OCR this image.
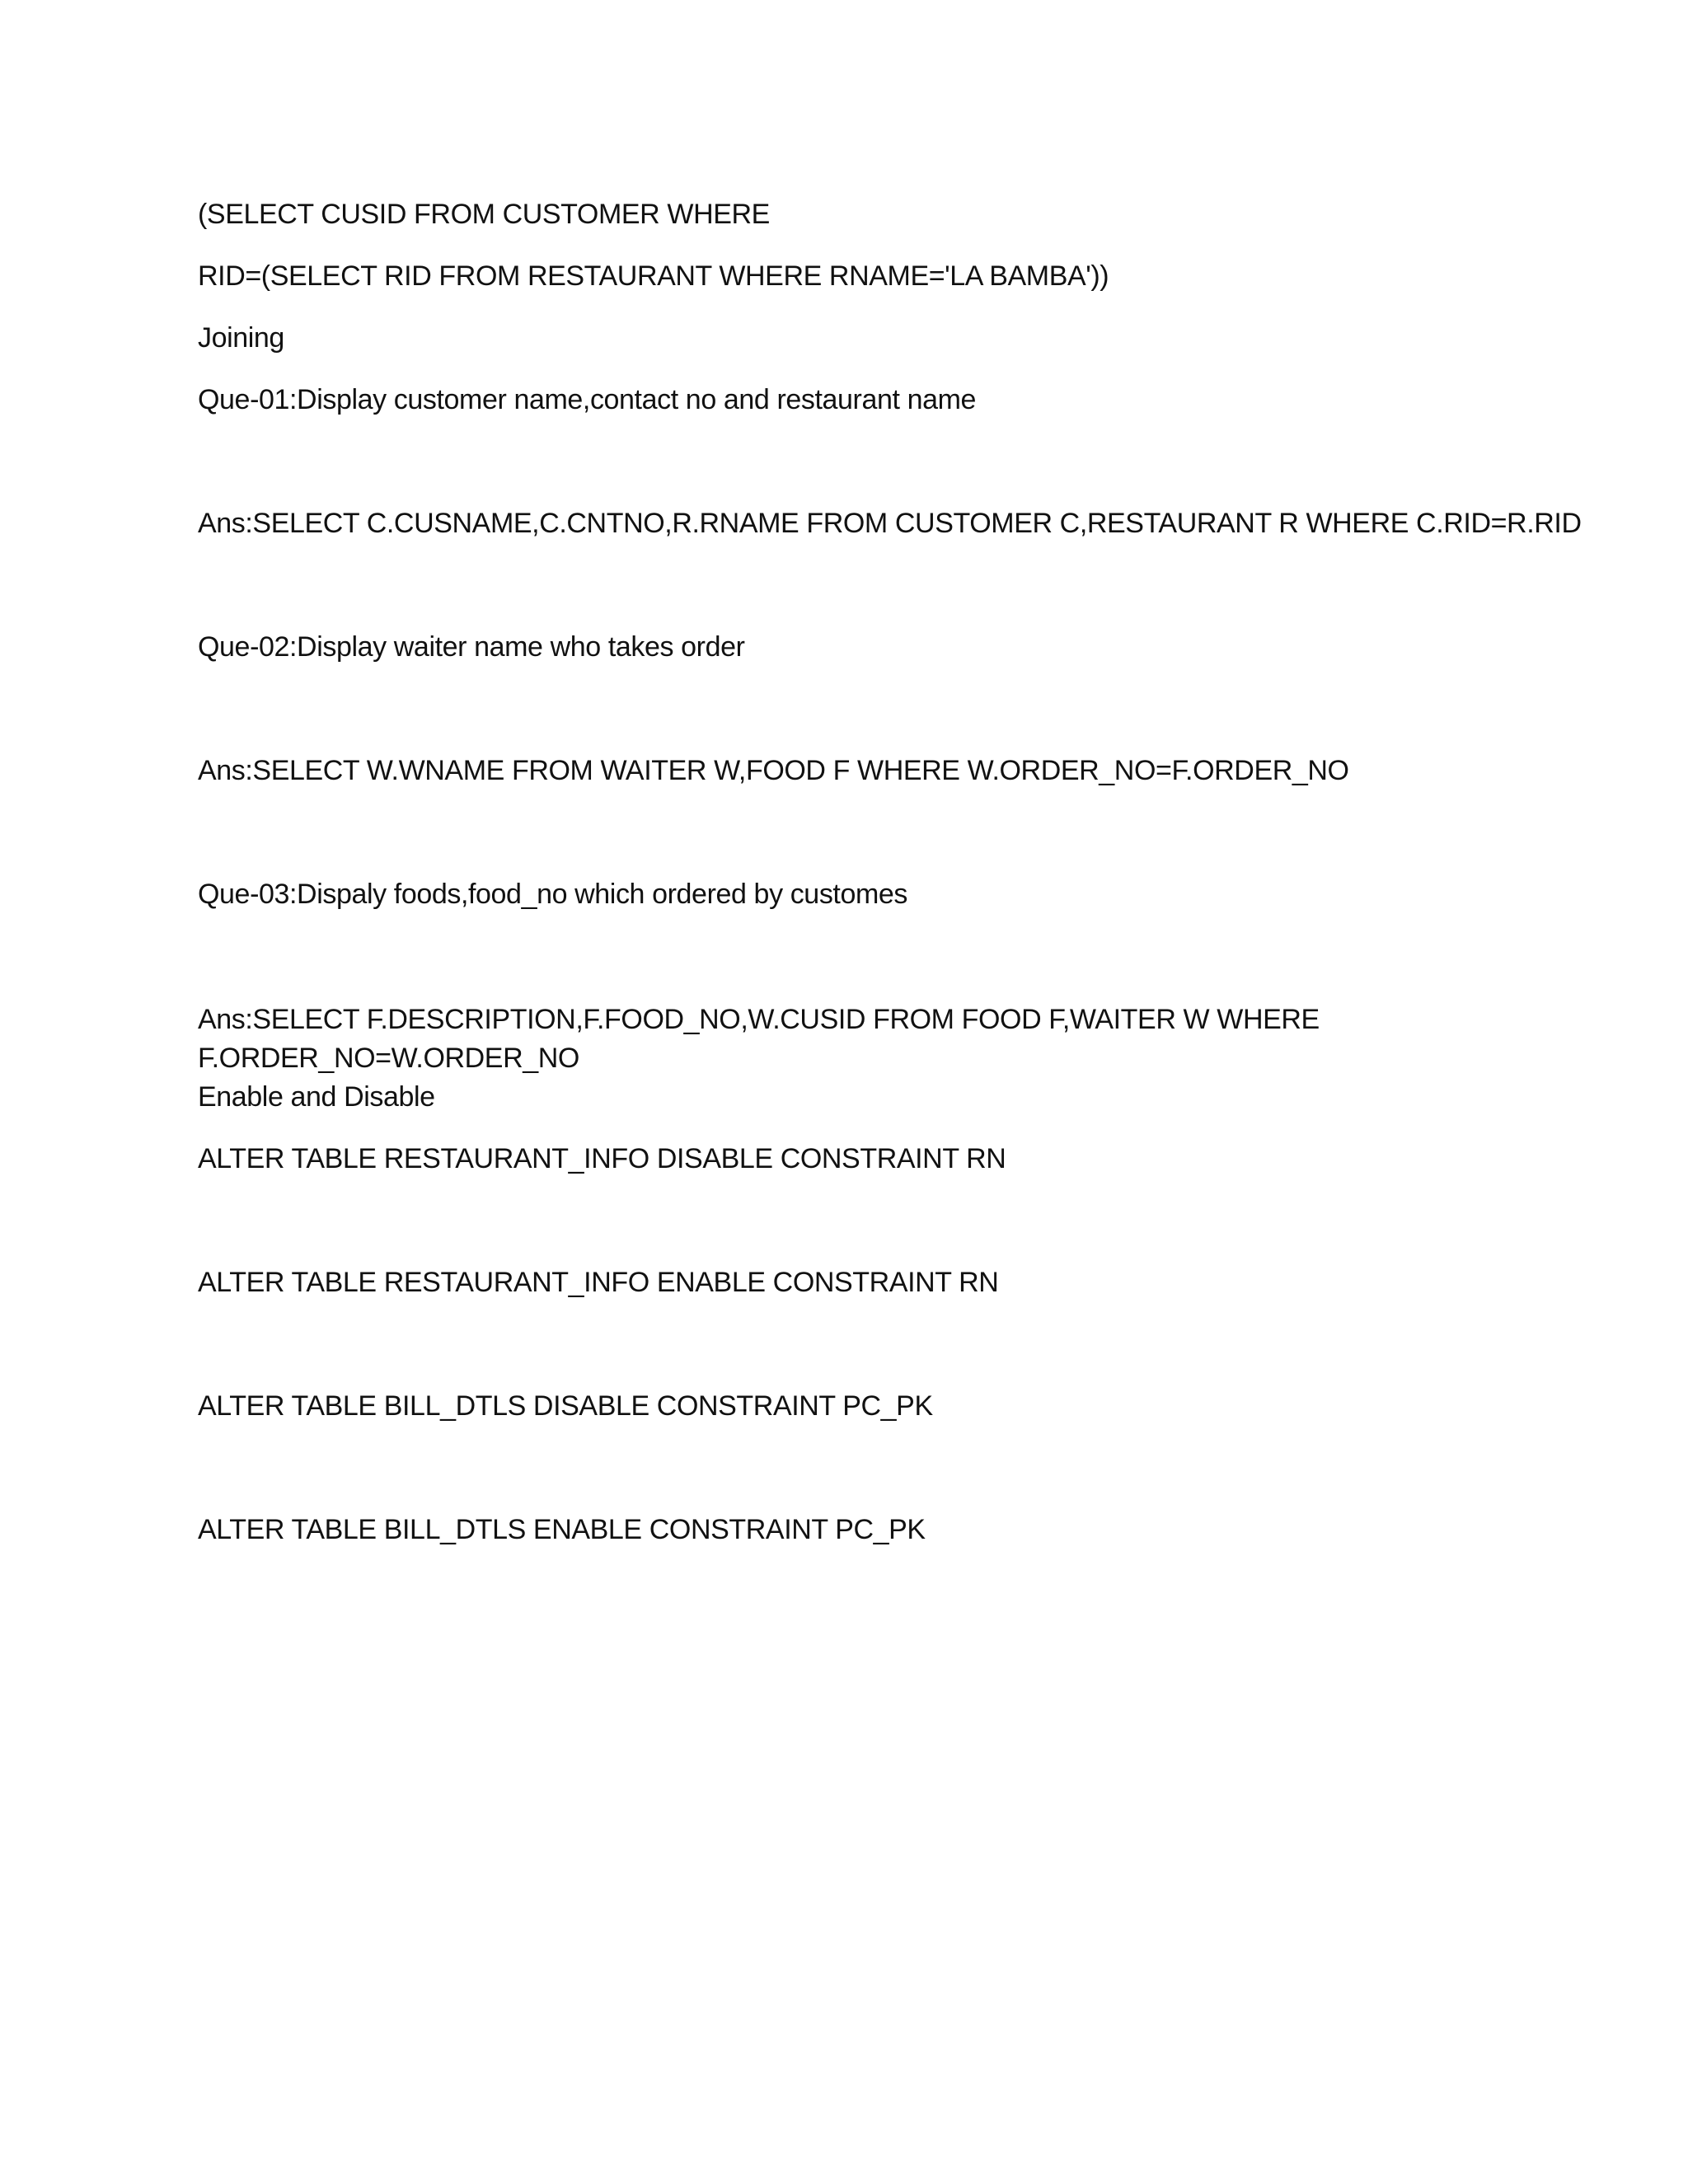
(SELECT CUSID FROM CUSTOMER WHERE
RID=(SELECT RID FROM RESTAURANT WHERE RNAME='LA BAMBA'))
Joining
Que-01:Display customer name,contact no and restaurant name
Ans:SELECT C.CUSNAME,C.CNTNO,R.RNAME FROM CUSTOMER C,RESTAURANT R WHERE C.RID=R.RID
Que-02:Display waiter name who takes order
Ans:SELECT W.WNAME FROM WAITER W,FOOD F WHERE W.ORDER_NO=F.ORDER_NO
Que-03:Dispaly foods,food_no which ordered by customes
Ans:SELECT F.DESCRIPTION,F.FOOD_NO,W.CUSID FROM FOOD F,WAITER W WHERE
F.ORDER_NO=W.ORDER_NO
Enable and Disable
ALTER TABLE RESTAURANT_INFO DISABLE CONSTRAINT RN
ALTER TABLE RESTAURANT_INFO ENABLE CONSTRAINT RN
ALTER TABLE BILL_DTLS DISABLE CONSTRAINT PC_PK
ALTER TABLE BILL_DTLS ENABLE CONSTRAINT PC_PK
